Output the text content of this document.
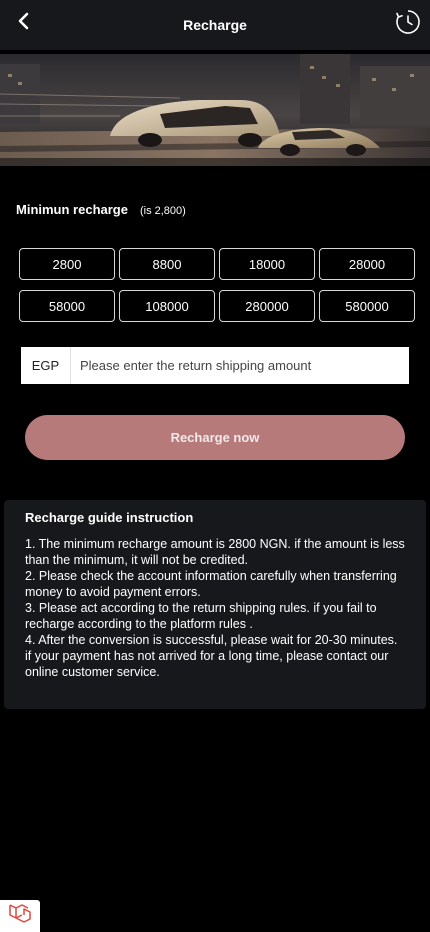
Recharge
Minimun recharge (is 2,800)
2800	8800	18000	28000
58000	108000	280000	580000
EGP
Please enter the return shipping amount
Recharge now
Recharge guide instruction
1. The minimum recharge amount is 2800 NGN. if the amount is less than the minimum, it will not be credited.
2. Please check the account information carefully when transferring money to avoid payment errors.
3. Please act according to the return shipping rules. if you fail to recharge according to the platform rules .
4. After the conversion is successful, please wait for 20-30 minutes. if your payment has not arrived for a long time, please contact our online customer service.
